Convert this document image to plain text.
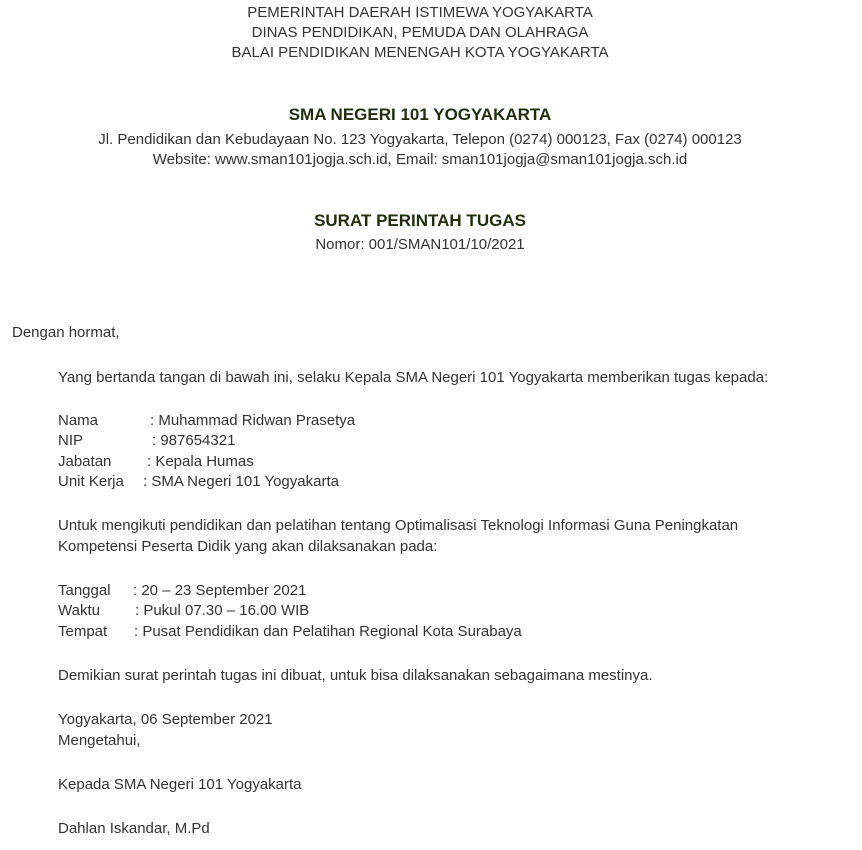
PEMERINTAH DAERAH ISTIMEWA YOGYAKARTA
DINAS PENDIDIKAN, PEMUDA DAN OLAHRAGA
BALAI PENDIDIKAN MENENGAH KOTA YOGYAKARTA
SMA NEGERI 101 YOGYAKARTA
Jl. Pendidikan dan Kebudayaan No. 123 Yogyakarta, Telepon (0274) 000123, Fax (0274) 000123
Website: www.sman101jogja.sch.id, Email: sman101jogja@sman101jogja.sch.id
SURAT PERINTAH TUGAS
Nomor: 001/SMAN101/10/2021
Dengan hormat,
Yang bertanda tangan di bawah ini, selaku Kepala SMA Negeri 101 Yogyakarta memberikan tugas kepada:
Nama	: Muhammad Ridwan Prasetya
NIP	: 987654321
Jabatan : Kepala Humas
Unit Kerja : SMA Negeri 101 Yogyakarta
Untuk mengikuti pendidikan dan pelatihan tentang Optimalisasi Teknologi Informasi Guna Peningkatan
Kompetensi Peserta Didik yang akan dilaksanakan pada:
Tanggal : 20 – 23 September 2021
Waktu : Pukul 07.30 – 16.00 WIB
Tempat : Pusat Pendidikan dan Pelatihan Regional Kota Surabaya
Demikian surat perintah tugas ini dibuat, untuk bisa dilaksanakan sebagaimana mestinya.
Yogyakarta, 06 September 2021
Mengetahui,
Kepada SMA Negeri 101 Yogyakarta
Dahlan Iskandar, M.Pd
